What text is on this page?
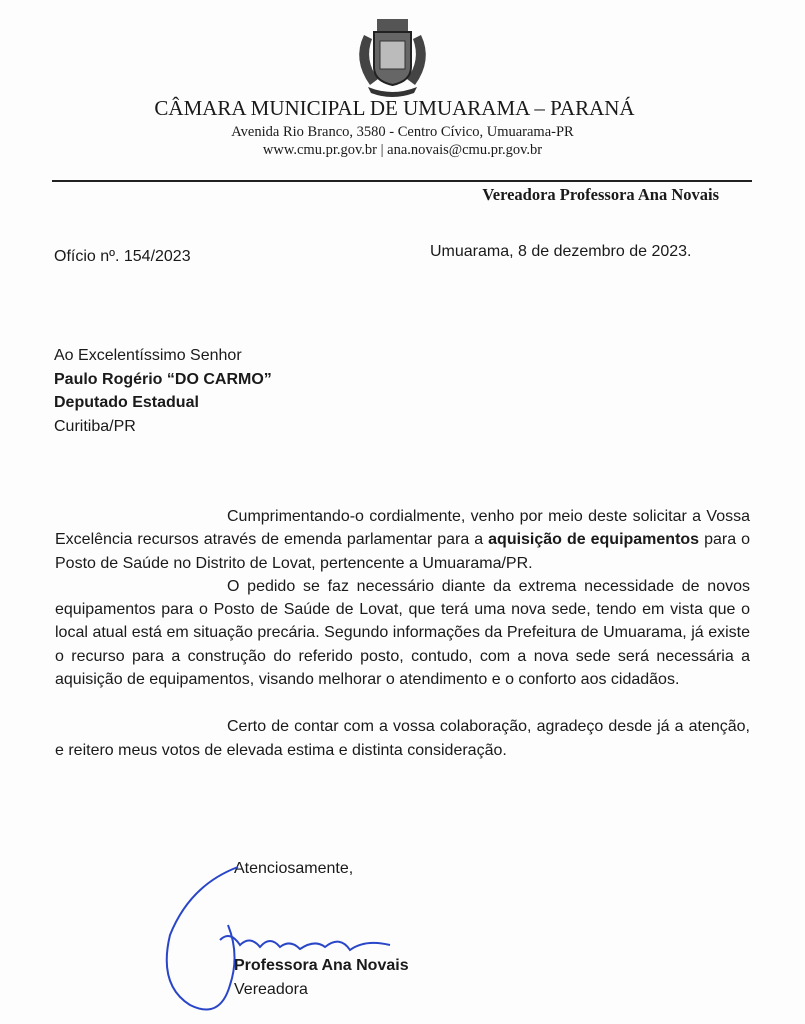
CÂMARA MUNICIPAL DE UMUARAMA – PARANÁ
Avenida Rio Branco, 3580 - Centro Cívico, Umuarama-PR
www.cmu.pr.gov.br | ana.novais@cmu.pr.gov.br
Vereadora Professora Ana Novais
Ofício nº. 154/2023	Umuarama, 8 de dezembro de 2023.
Ao Excelentíssimo Senhor
Paulo Rogério “DO CARMO”
Deputado Estadual
Curitiba/PR

Cumprimentando-o cordialmente, venho por meio deste solicitar a Vossa Excelência recursos através de emenda parlamentar para a aquisição de equipamentos para o Posto de Saúde no Distrito de Lovat, pertencente a Umuarama/PR.

O pedido se faz necessário diante da extrema necessidade de novos equipamentos para o Posto de Saúde de Lovat, que terá uma nova sede, tendo em vista que o local atual está em situação precária. Segundo informações da Prefeitura de Umuarama, já existe o recurso para a construção do referido posto, contudo, com a nova sede será necessária a aquisição de equipamentos, visando melhorar o atendimento e o conforto aos cidadãos.

Certo de contar com a vossa colaboração, agradeço desde já a atenção, e reitero meus votos de elevada estima e distinta consideração.

Atenciosamente,
Professora Ana Novais
Vereadora
